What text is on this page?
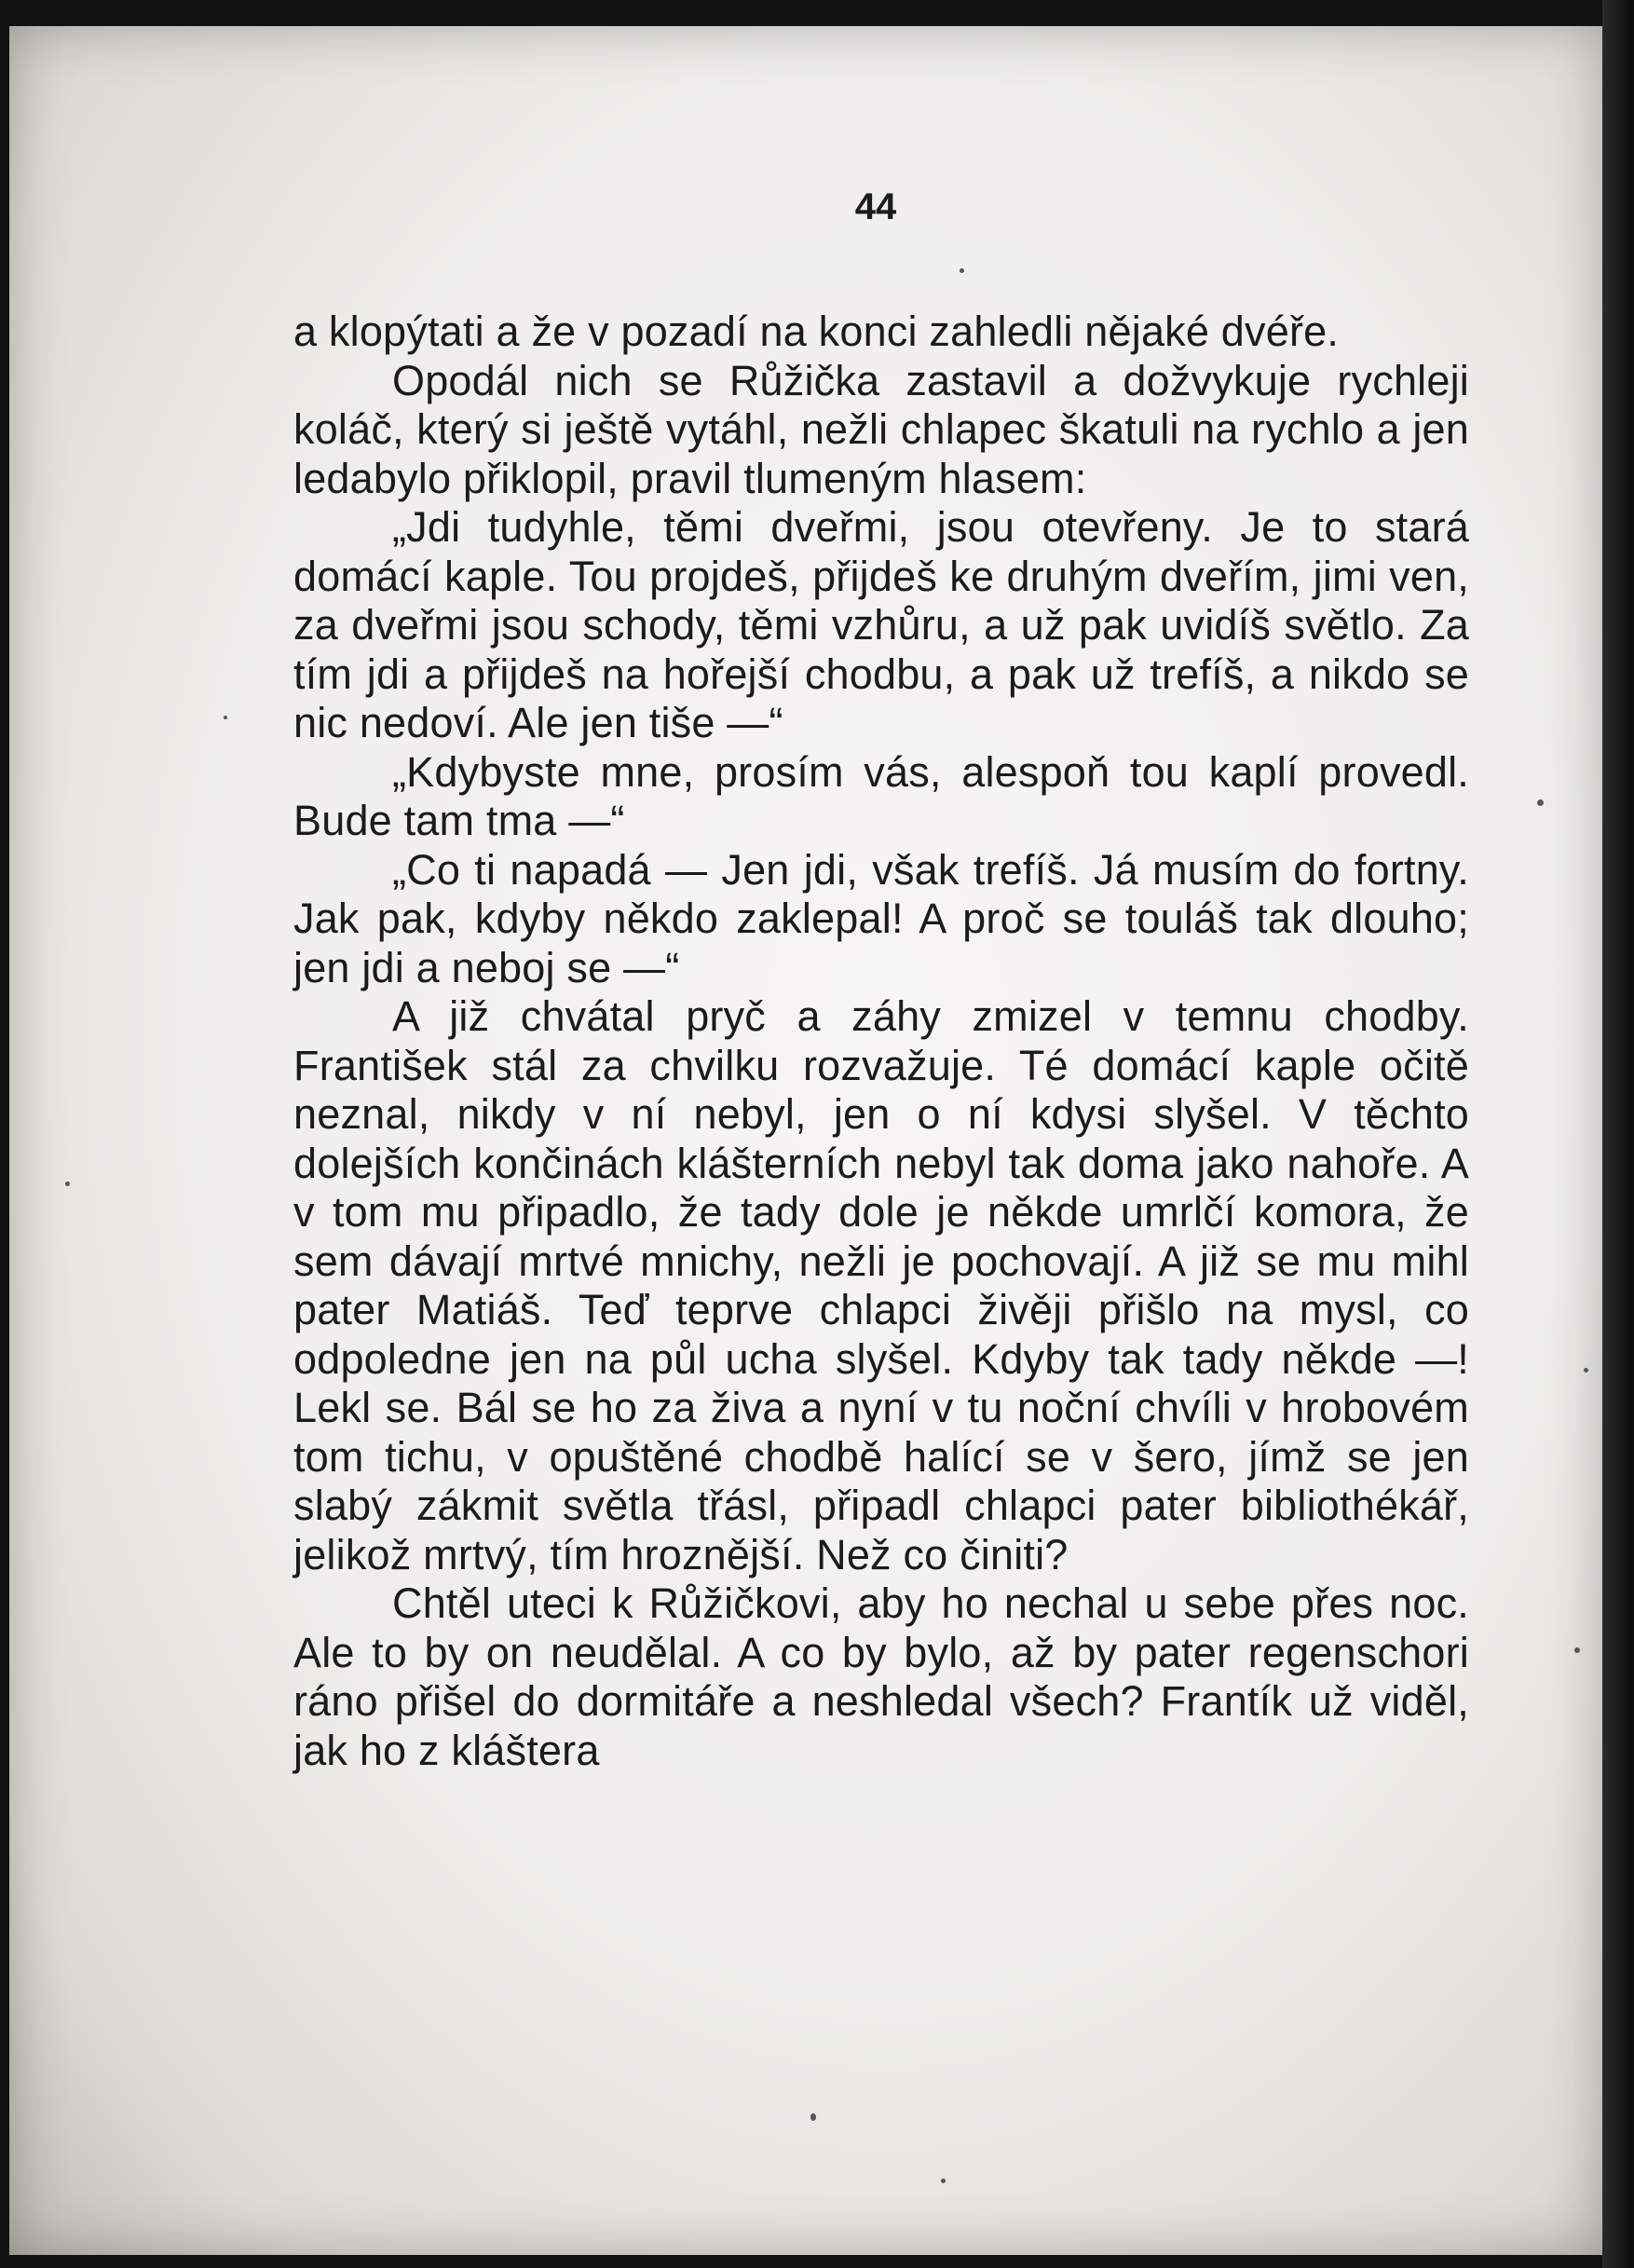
44

a klopýtati a že v pozadí na konci zahledli nějaké dvéře.

Opodál nich se Růžička zastavil a dožvykuje rychleji koláč, který si ještě vytáhl, nežli chlapec škatuli na rychlo a jen ledabylo přiklopil, pravil tlumeným hlasem:

„Jdi tudyhle, těmi dveřmi, jsou otevřeny. Je to stará domácí kaple. Tou projdeš, přijdeš ke druhým dveřím, jimi ven, za dveřmi jsou schody, těmi vzhůru, a už pak uvidíš světlo. Za tím jdi a přijdeš na hořejší chodbu, a pak už trefíš, a nikdo se nic nedoví. Ale jen tiše —“

„Kdybyste mne, prosím vás, alespoň tou kaplí provedl. Bude tam tma —“

„Co ti napadá — Jen jdi, však trefíš. Já musím do fortny. Jak pak, kdyby někdo zaklepal! A proč se touláš tak dlouho; jen jdi a neboj se —“

A již chvátal pryč a záhy zmizel v temnu chodby. František stál za chvilku rozvažuje. Té domácí kaple očitě neznal, nikdy v ní nebyl, jen o ní kdysi slyšel. V těchto dolejších končinách klášterních nebyl tak doma jako nahoře. A v tom mu připadlo, že tady dole je někde umrlčí komora, že sem dávají mrtvé mnichy, nežli je pochovají. A již se mu mihl pater Matiáš. Teď teprve chlapci živěji přišlo na mysl, co odpoledne jen na půl ucha slyšel. Kdyby tak tady někde —! Lekl se. Bál se ho za živa a nyní v tu noční chvíli v hrobovém tom tichu, v opuštěné chodbě halící se v šero, jímž se jen slabý zákmit světla třásl, připadl chlapci pater bibliothékář, jelikož mrtvý, tím hroznější. Než co činiti?

Chtěl uteci k Růžičkovi, aby ho nechal u sebe přes noc. Ale to by on neudělal. A co by bylo, až by pater regenschori ráno přišel do dormitáře a neshledal všech? Frantík už viděl, jak ho z kláštera
